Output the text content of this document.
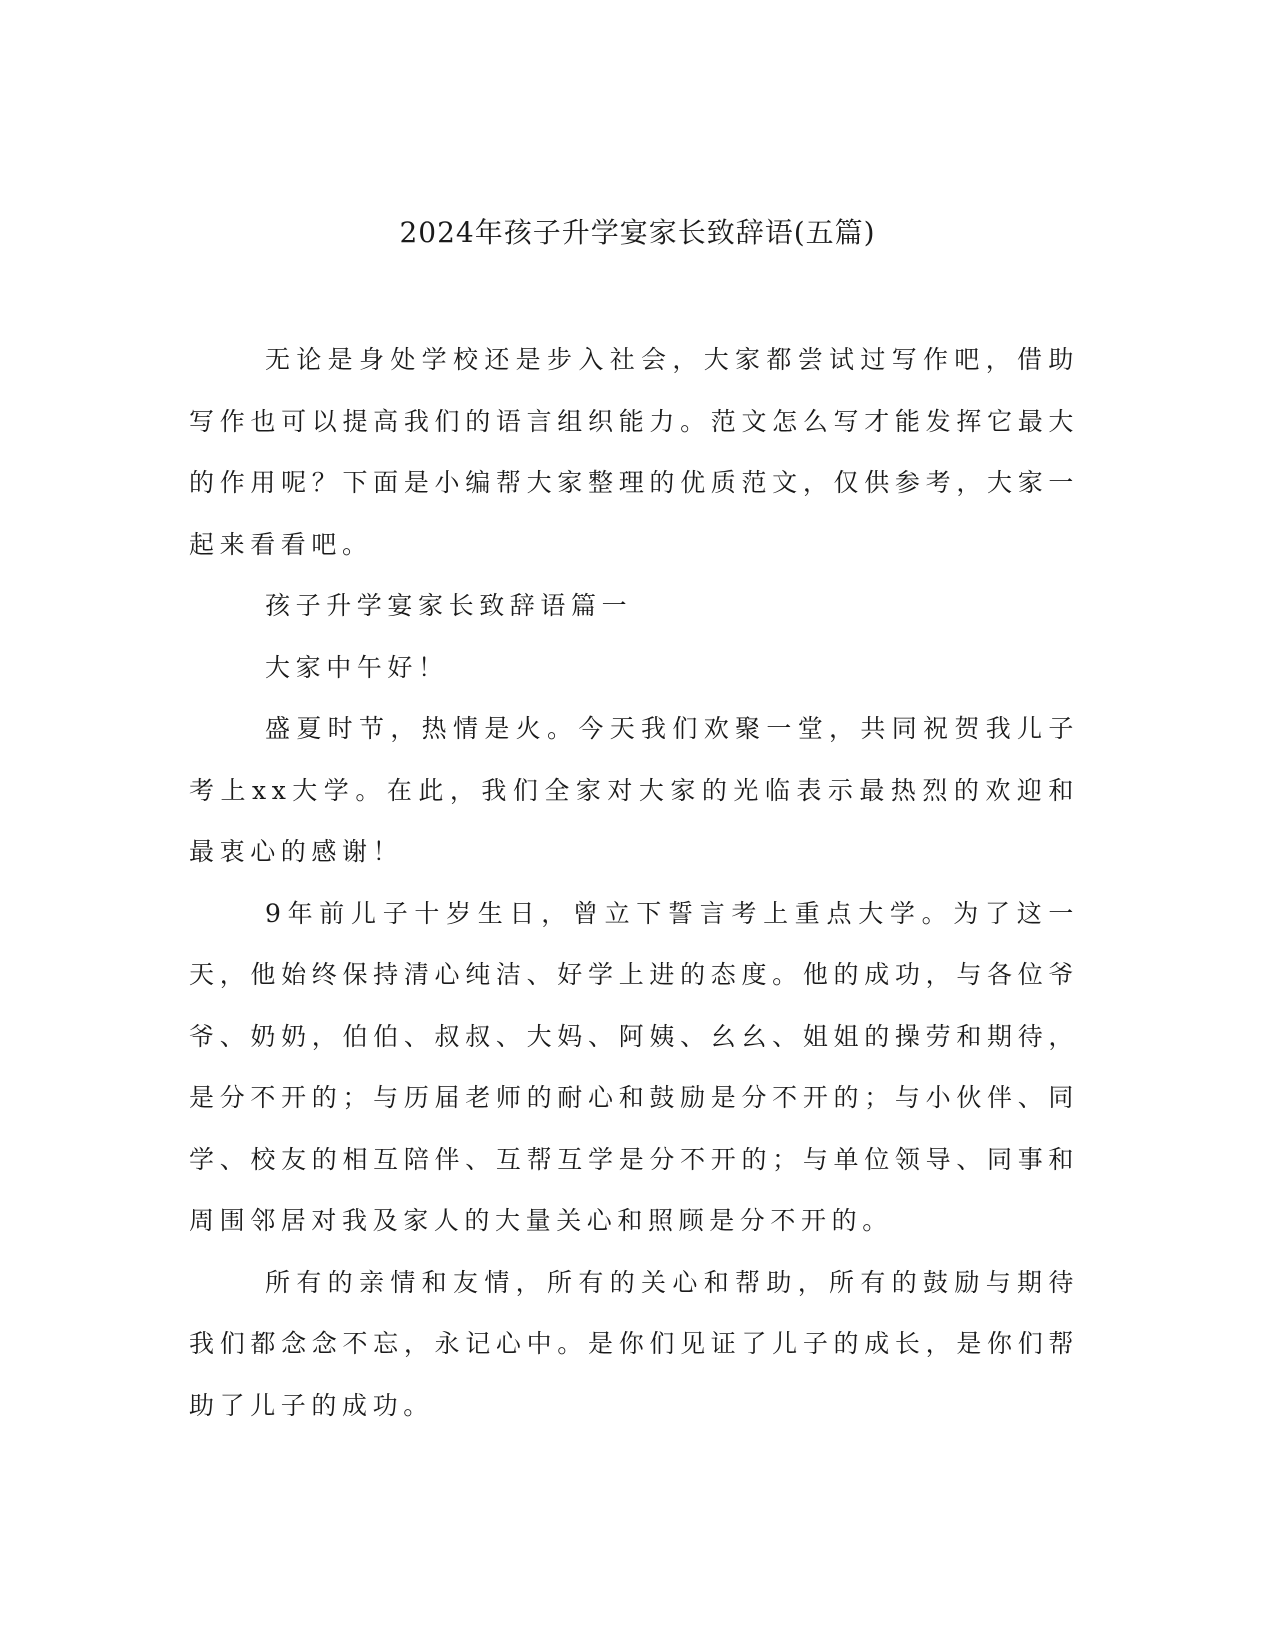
2024年孩子升学宴家长致辞语(五篇)

无论是身处学校还是步入社会，大家都尝试过写作吧，借助写作也可以提高我们的语言组织能力。范文怎么写才能发挥它最大的作用呢？下面是小编帮大家整理的优质范文，仅供参考，大家一起来看看吧。

孩子升学宴家长致辞语篇一

大家中午好！

盛夏时节，热情是火。今天我们欢聚一堂，共同祝贺我儿子考上xx大学。在此，我们全家对大家的光临表示最热烈的欢迎和最衷心的感谢！

9年前儿子十岁生日，曾立下誓言考上重点大学。为了这一天，他始终保持清心纯洁、好学上进的态度。他的成功，与各位爷爷、奶奶，伯伯、叔叔、大妈、阿姨、幺幺、姐姐的操劳和期待，是分不开的；与历届老师的耐心和鼓励是分不开的；与小伙伴、同学、校友的相互陪伴、互帮互学是分不开的；与单位领导、同事和周围邻居对我及家人的大量关心和照顾是分不开的。

所有的亲情和友情，所有的关心和帮助，所有的鼓励与期待我们都念念不忘，永记心中。是你们见证了儿子的成长，是你们帮助了儿子的成功。
